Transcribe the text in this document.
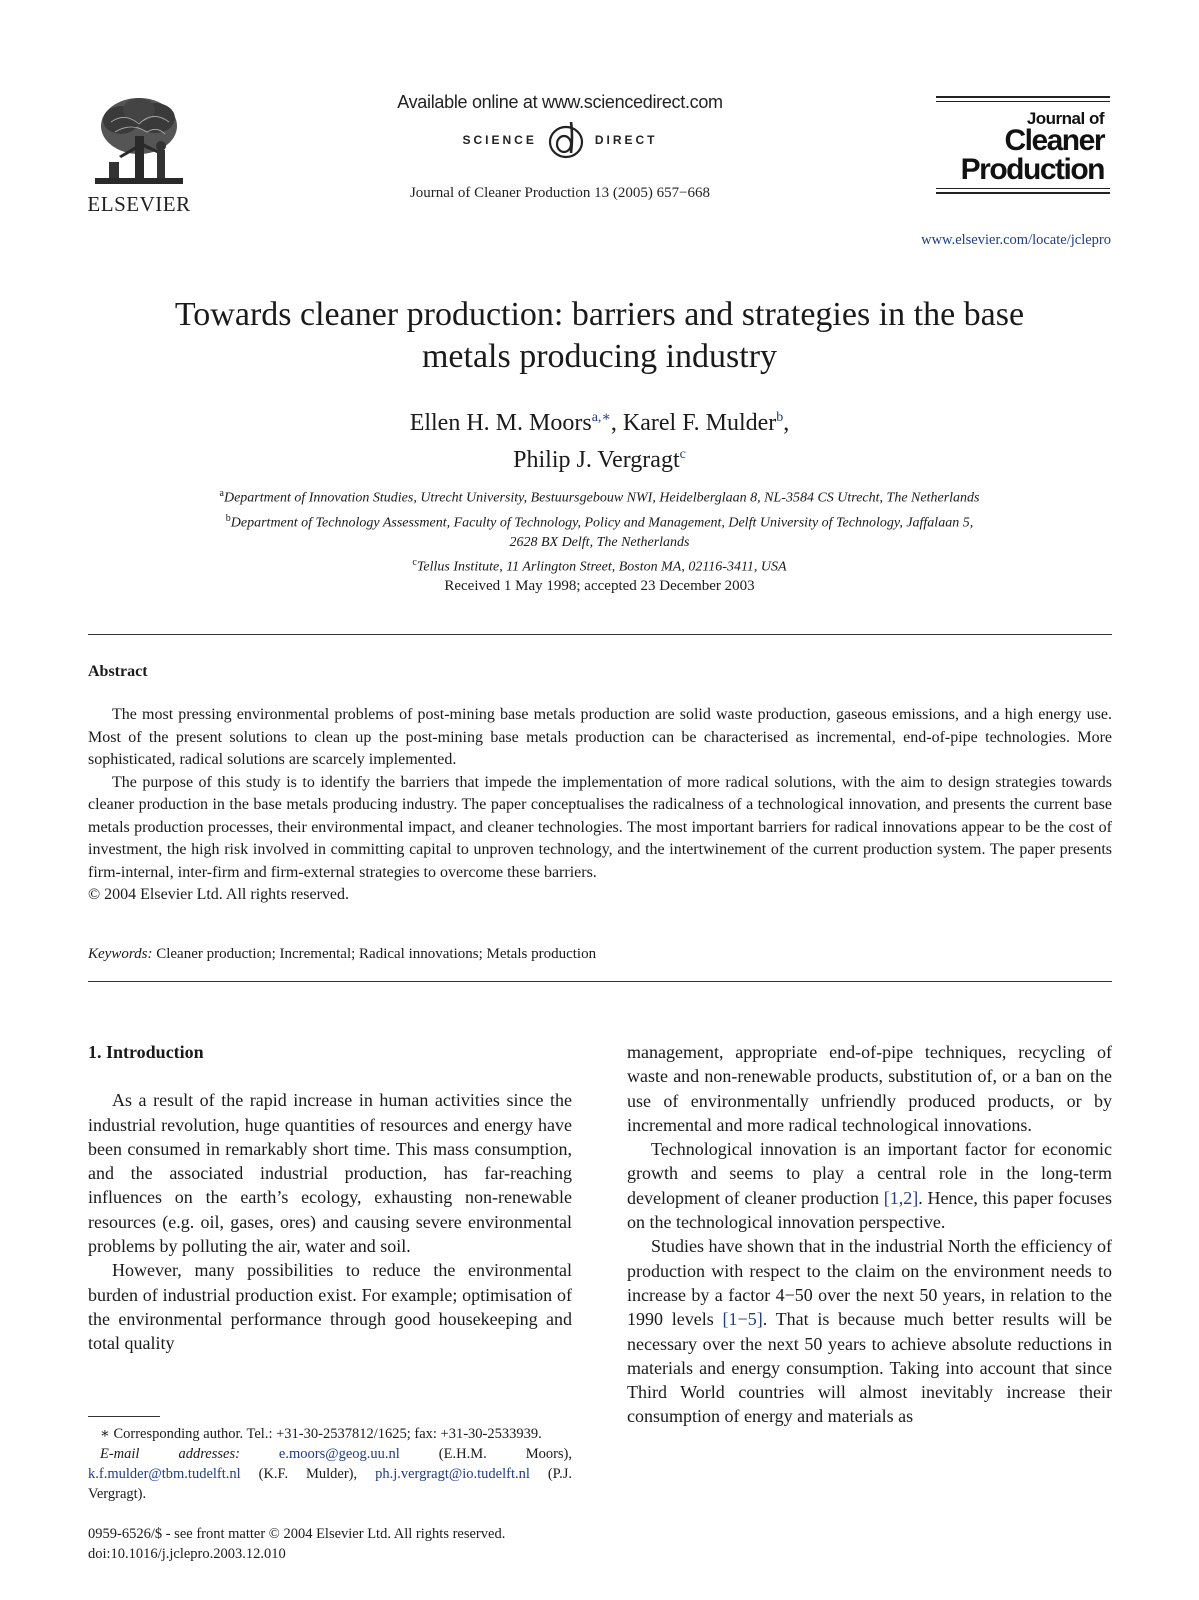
ELSEVIER
Available online at www.sciencedirect.com
SCIENCE	DIRECT
Journal of Cleaner Production 13 (2005) 657−668
Journal of
Cleaner
Production
www.elsevier.com/locate/jclepro
Towards cleaner production: barriers and strategies in the base
metals producing industry
Ellen H. M. Moors$^{a,∗}$, Karel F. Mulder$^b$,
Philip J. Vergragt$^c$
$^a$Department of Innovation Studies, Utrecht University, Bestuursgebouw NWI, Heidelberglaan 8, NL-3584 CS Utrecht, The Netherlands
$^b$Department of Technology Assessment, Faculty of Technology, Policy and Management, Delft University of Technology, Jaffalaan 5,
2628 BX Delft, The Netherlands
$^c$Tellus Institute, 11 Arlington Street, Boston MA, 02116-3411, USA
Received 1 May 1998; accepted 23 December 2003
Abstract

The most pressing environmental problems of post-mining base metals production are solid waste production, gaseous emissions, and a high energy use. Most of the present solutions to clean up the post-mining base metals production can be characterised as incremental, end-of-pipe technologies. More sophisticated, radical solutions are scarcely implemented.

The purpose of this study is to identify the barriers that impede the implementation of more radical solutions, with the aim to design strategies towards cleaner production in the base metals producing industry. The paper conceptualises the radicalness of a technological innovation, and presents the current base metals production processes, their environmental impact, and cleaner technologies. The most important barriers for radical innovations appear to be the cost of investment, the high risk involved in committing capital to unproven technology, and the intertwinement of the current production system. The paper presents firm-internal, inter-firm and firm-external strategies to overcome these barriers.

© 2004 Elsevier Ltd. All rights reserved.

Keywords: Cleaner production; Incremental; Radical innovations; Metals production
1. Introduction

As a result of the rapid increase in human activities since the industrial revolution, huge quantities of resources and energy have been consumed in remarkably short time. This mass consumption, and the associated industrial production, has far-reaching influences on the earth’s ecology, exhausting non-renewable resources (e.g. oil, gases, ores) and causing severe environmental problems by polluting the air, water and soil.

However, many possibilities to reduce the environmental burden of industrial production exist. For example; optimisation of the environmental performance through good housekeeping and total quality

management, appropriate end-of-pipe techniques, recycling of waste and non-renewable products, substitution of, or a ban on the use of environmentally unfriendly produced products, or by incremental and more radical technological innovations.

Technological innovation is an important factor for economic growth and seems to play a central role in the long-term development of cleaner production [1,2]. Hence, this paper focuses on the technological innovation perspective.

Studies have shown that in the industrial North the efficiency of production with respect to the claim on the environment needs to increase by a factor 4−50 over the next 50 years, in relation to the 1990 levels [1−5]. That is because much better results will be necessary over the next 50 years to achieve absolute reductions in materials and energy consumption. Taking into account that since Third World countries will almost inevitably increase their consumption of energy and materials as

∗ Corresponding author. Tel.: +31-30-2537812/1625; fax: +31-30-2533939.

E-mail addresses:	e.moors@geog.uu.nl (E.H.M. Moors), k.f.mulder@tbm.tudelft.nl (K.F. Mulder), ph.j.vergragt@io.tudelft.nl (P.J. Vergragt).

0959-6526/$ - see front matter © 2004 Elsevier Ltd. All rights reserved.
doi:10.1016/j.jclepro.2003.12.010
